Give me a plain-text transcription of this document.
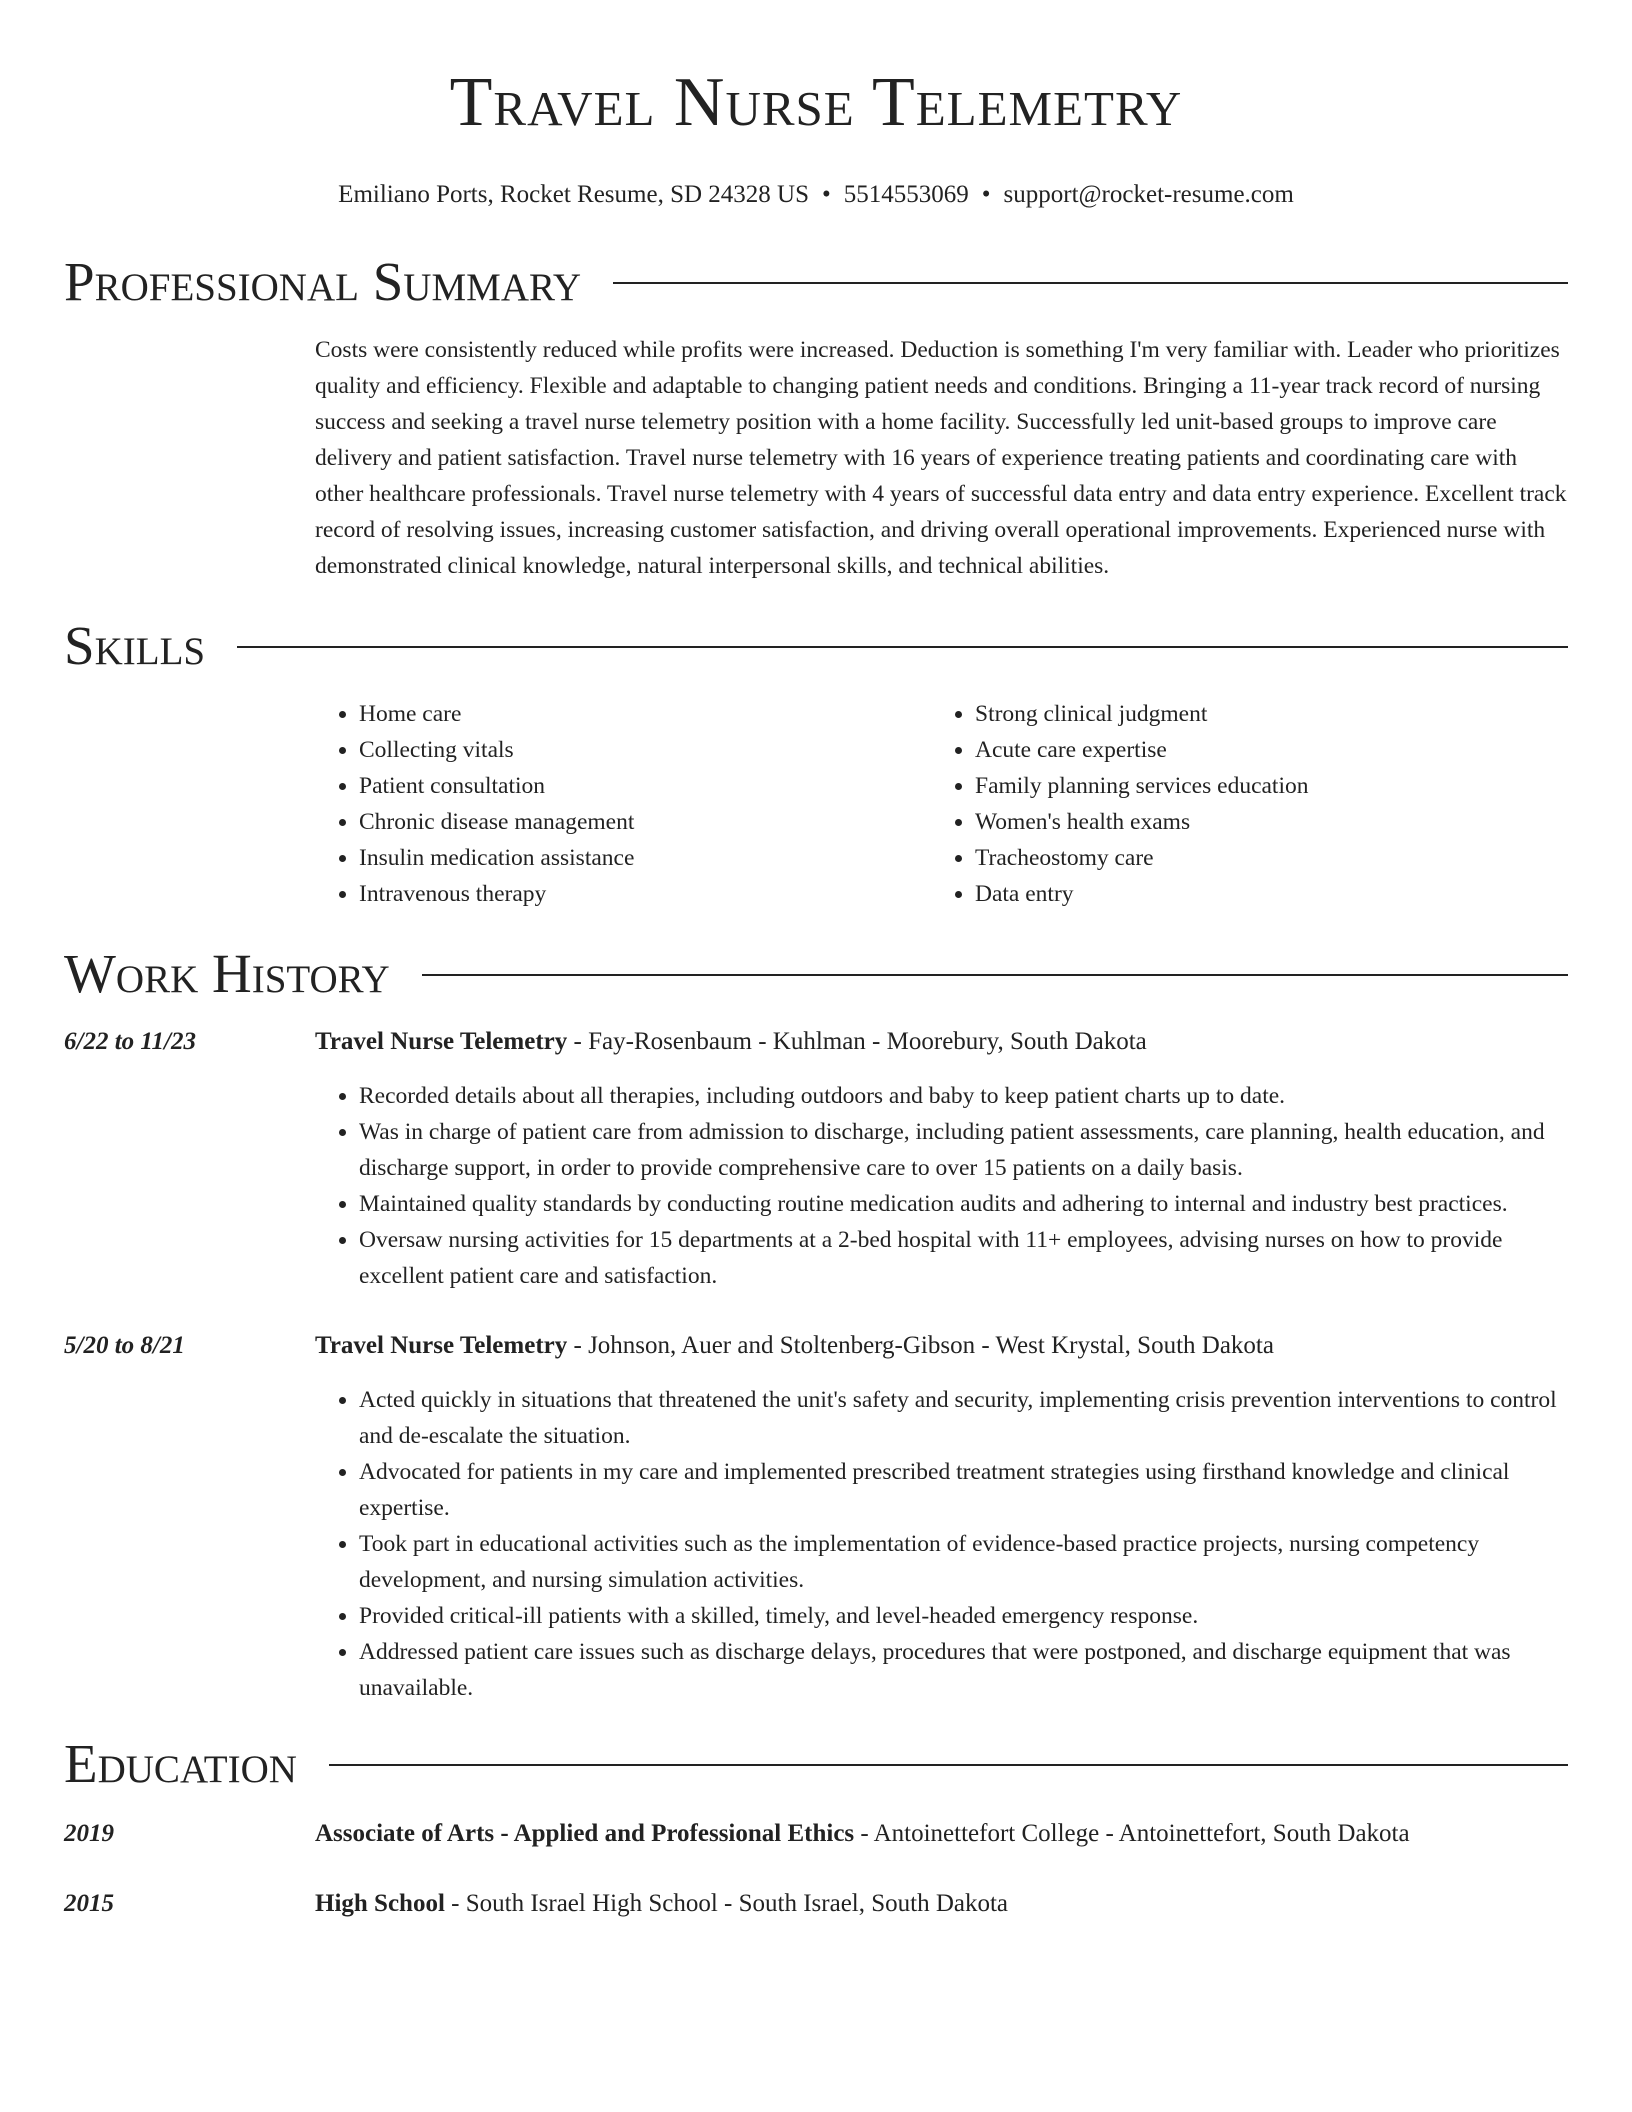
Travel Nurse Telemetry
Emiliano Ports, Rocket Resume, SD 24328 US • 5514553069 • support@rocket-resume.com
Professional Summary

Costs were consistently reduced while profits were increased. Deduction is something I'm very familiar with. Leader who prioritizes quality and efficiency. Flexible and adaptable to changing patient needs and conditions. Bringing a 11-year track record of nursing success and seeking a travel nurse telemetry position with a home facility. Successfully led unit-based groups to improve care delivery and patient satisfaction. Travel nurse telemetry with 16 years of experience treating patients and coordinating care with other healthcare professionals. Travel nurse telemetry with 4 years of successful data entry and data entry experience. Excellent track record of resolving issues, increasing customer satisfaction, and driving overall operational improvements. Experienced nurse with demonstrated clinical knowledge, natural interpersonal skills, and technical abilities.

Skills
• Home care
• Collecting vitals
• Patient consultation
• Chronic disease management
• Insulin medication assistance
• Intravenous therapy
• Strong clinical judgment
• Acute care expertise
• Family planning services education
• Women's health exams
• Tracheostomy care
• Data entry
Work History
6/22 to 11/23	Travel Nurse Telemetry - Fay-Rosenbaum - Kuhlman - Moorebury, South Dakota
• Recorded details about all therapies, including outdoors and baby to keep patient charts up to date.
• Was in charge of patient care from admission to discharge, including patient assessments, care planning, health education, and discharge support, in order to provide comprehensive care to over 15 patients on a daily basis.
• Maintained quality standards by conducting routine medication audits and adhering to internal and industry best practices.
• Oversaw nursing activities for 15 departments at a 2-bed hospital with 11+ employees, advising nurses on how to provide excellent patient care and satisfaction.
5/20 to 8/21	Travel Nurse Telemetry - Johnson, Auer and Stoltenberg-Gibson - West Krystal, South Dakota
• Acted quickly in situations that threatened the unit's safety and security, implementing crisis prevention interventions to control and de-escalate the situation.
• Advocated for patients in my care and implemented prescribed treatment strategies using firsthand knowledge and clinical expertise.
• Took part in educational activities such as the implementation of evidence-based practice projects, nursing competency development, and nursing simulation activities.
• Provided critical-ill patients with a skilled, timely, and level-headed emergency response.
• Addressed patient care issues such as discharge delays, procedures that were postponed, and discharge equipment that was unavailable.
Education
2019	Associate of Arts - Applied and Professional Ethics - Antoinettefort College - Antoinettefort, South Dakota
2015	High School - South Israel High School - South Israel, South Dakota
